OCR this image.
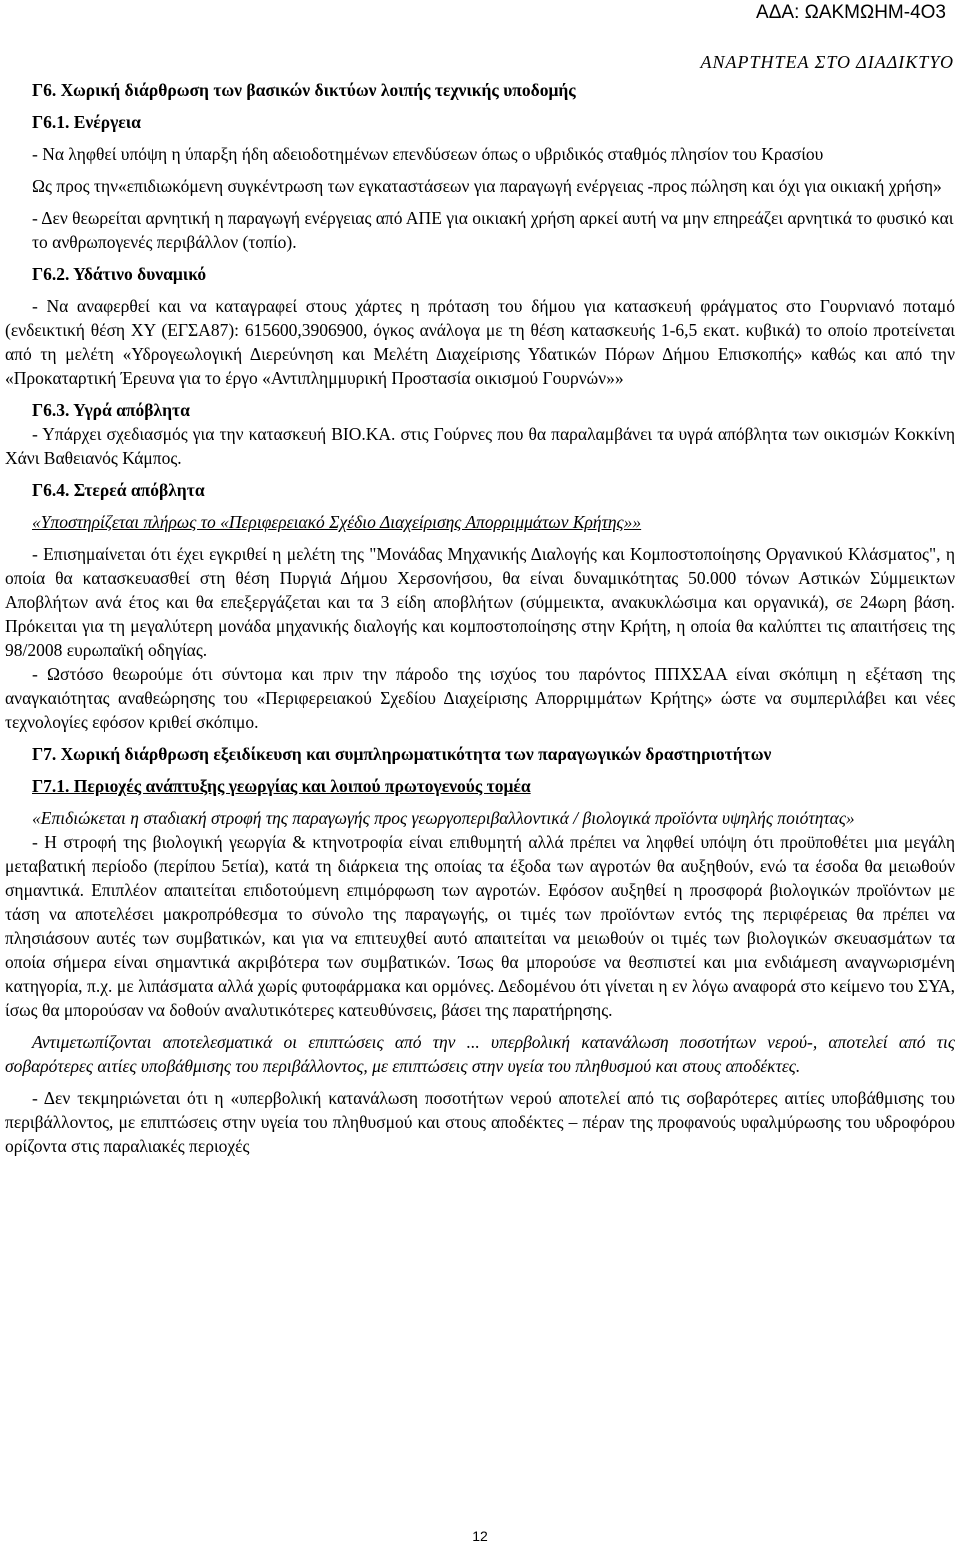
ΑΔΑ: ΩΑΚΜΩΗΜ-4Ο3
ΑΝΑΡΤΗΤΕΑ ΣΤΟ ΔΙΑΔΙΚΤΥΟ

Γ6. Χωρική διάρθρωση των βασικών δικτύων λοιπής τεχνικής υποδομής

Γ6.1. Ενέργεια

- Να ληφθεί υπόψη η ύπαρξη ήδη αδειοδοτημένων επενδύσεων όπως ο υβριδικός σταθμός πλησίον του Κρασίου

Ως προς την«επιδιωκόμενη συγκέντρωση των εγκαταστάσεων για παραγωγή ενέργειας -προς πώληση και όχι για οικιακή χρήση»

- Δεν θεωρείται αρνητική η παραγωγή ενέργειας από ΑΠΕ για οικιακή χρήση αρκεί αυτή να μην επηρεάζει αρνητικά το φυσικό και το ανθρωπογενές περιβάλλον (τοπίο).

Γ6.2. Υδάτινο δυναμικό

- Να αναφερθεί και να καταγραφεί στους χάρτες η πρόταση του δήμου για κατασκευή φράγματος στο Γουρνιανό ποταμό (ενδεικτική θέση ΧΥ (ΕΓΣΑ87): 615600,3906900, όγκος ανάλογα με τη θέση κατασκευής 1-6,5 εκατ. κυβικά) το οποίο προτείνεται από τη μελέτη «Υδρογεωλογική Διερεύνηση και Μελέτη Διαχείρισης Υδατικών Πόρων Δήμου Επισκοπής» καθώς και από την «Προκαταρτική Έρευνα για το έργο «Αντιπλημμυρική Προστασία οικισμού Γουρνών»»

Γ6.3. Υγρά απόβλητα

- Υπάρχει σχεδιασμός για την κατασκευή ΒΙΟ.ΚΑ. στις Γούρνες που θα παραλαμβάνει τα υγρά απόβλητα των οικισμών Κοκκίνη Χάνι Βαθειανός Κάμπος.

Γ6.4. Στερεά απόβλητα

«Υποστηρίζεται πλήρως το «Περιφερειακό Σχέδιο Διαχείρισης Απορριμμάτων Κρήτης»»

- Επισημαίνεται ότι έχει εγκριθεί η μελέτη της "Μονάδας Μηχανικής Διαλογής και Κομποστοποίησης Οργανικού Κλάσματος", η οποία θα κατασκευασθεί στη θέση Πυργιά Δήμου Χερσονήσου, θα είναι δυναμικότητας 50.000 τόνων Αστικών Σύμμεικτων Αποβλήτων ανά έτος και θα επεξεργάζεται και τα 3 είδη αποβλήτων (σύμμεικτα, ανακυκλώσιμα και οργανικά), σε 24ωρη βάση. Πρόκειται για τη μεγαλύτερη μονάδα μηχανικής διαλογής και κομποστοποίησης στην Κρήτη, η οποία θα καλύπτει τις απαιτήσεις της 98/2008 ευρωπαϊκή οδηγίας.

- Ωστόσο θεωρούμε ότι σύντομα και πριν την πάροδο της ισχύος του παρόντος ΠΠΧΣΑΑ είναι σκόπιμη η εξέταση της αναγκαιότητας αναθεώρησης του «Περιφερειακού Σχεδίου Διαχείρισης Απορριμμάτων Κρήτης» ώστε να συμπεριλάβει και νέες τεχνολογίες εφόσον κριθεί σκόπιμο.

Γ7. Χωρική διάρθρωση εξειδίκευση και συμπληρωματικότητα των παραγωγικών δραστηριοτήτων

Γ7.1. Περιοχές ανάπτυξης γεωργίας και λοιπού πρωτογενούς τομέα

«Επιδιώκεται η σταδιακή στροφή της παραγωγής προς γεωργοπεριβαλλοντικά / βιολογικά προϊόντα υψηλής ποιότητας»

- Η στροφή της βιολογική γεωργία & κτηνοτροφία είναι επιθυμητή αλλά πρέπει να ληφθεί υπόψη ότι προϋποθέτει μια μεγάλη μεταβατική περίοδο (περίπου 5ετία), κατά τη διάρκεια της οποίας τα έξοδα των αγροτών θα αυξηθούν, ενώ τα έσοδα θα μειωθούν σημαντικά. Επιπλέον απαιτείται επιδοτούμενη επιμόρφωση των αγροτών. Εφόσον αυξηθεί η προσφορά βιολογικών προϊόντων με τάση να αποτελέσει μακροπρόθεσμα το σύνολο της παραγωγής, οι τιμές των προϊόντων εντός της περιφέρειας θα πρέπει να πλησιάσουν αυτές των συμβατικών, και για να επιτευχθεί αυτό απαιτείται να μειωθούν οι τιμές των βιολογικών σκευασμάτων τα οποία σήμερα είναι σημαντικά ακριβότερα των συμβατικών. Ίσως θα μπορούσε να θεσπιστεί και μια ενδιάμεση αναγνωρισμένη κατηγορία, π.χ. με λιπάσματα αλλά χωρίς φυτοφάρμακα και ορμόνες. Δεδομένου ότι γίνεται η εν λόγω αναφορά στο κείμενο του ΣΥΑ, ίσως θα μπορούσαν να δοθούν αναλυτικότερες κατευθύνσεις, βάσει της παρατήρησης.

Αντιμετωπίζονται αποτελεσματικά οι επιπτώσεις από την ... υπερβολική κατανάλωση ποσοτήτων νερού-, αποτελεί από τις σοβαρότερες αιτίες υποβάθμισης του περιβάλλοντος, με επιπτώσεις στην υγεία του πληθυσμού και στους αποδέκτες.

- Δεν τεκμηριώνεται ότι η «υπερβολική κατανάλωση ποσοτήτων νερού αποτελεί από τις σοβαρότερες αιτίες υποβάθμισης του περιβάλλοντος, με επιπτώσεις στην υγεία του πληθυσμού και στους αποδέκτες – πέραν της προφανούς υφαλμύρωσης του υδροφόρου ορίζοντα στις παραλιακές περιοχές

12
